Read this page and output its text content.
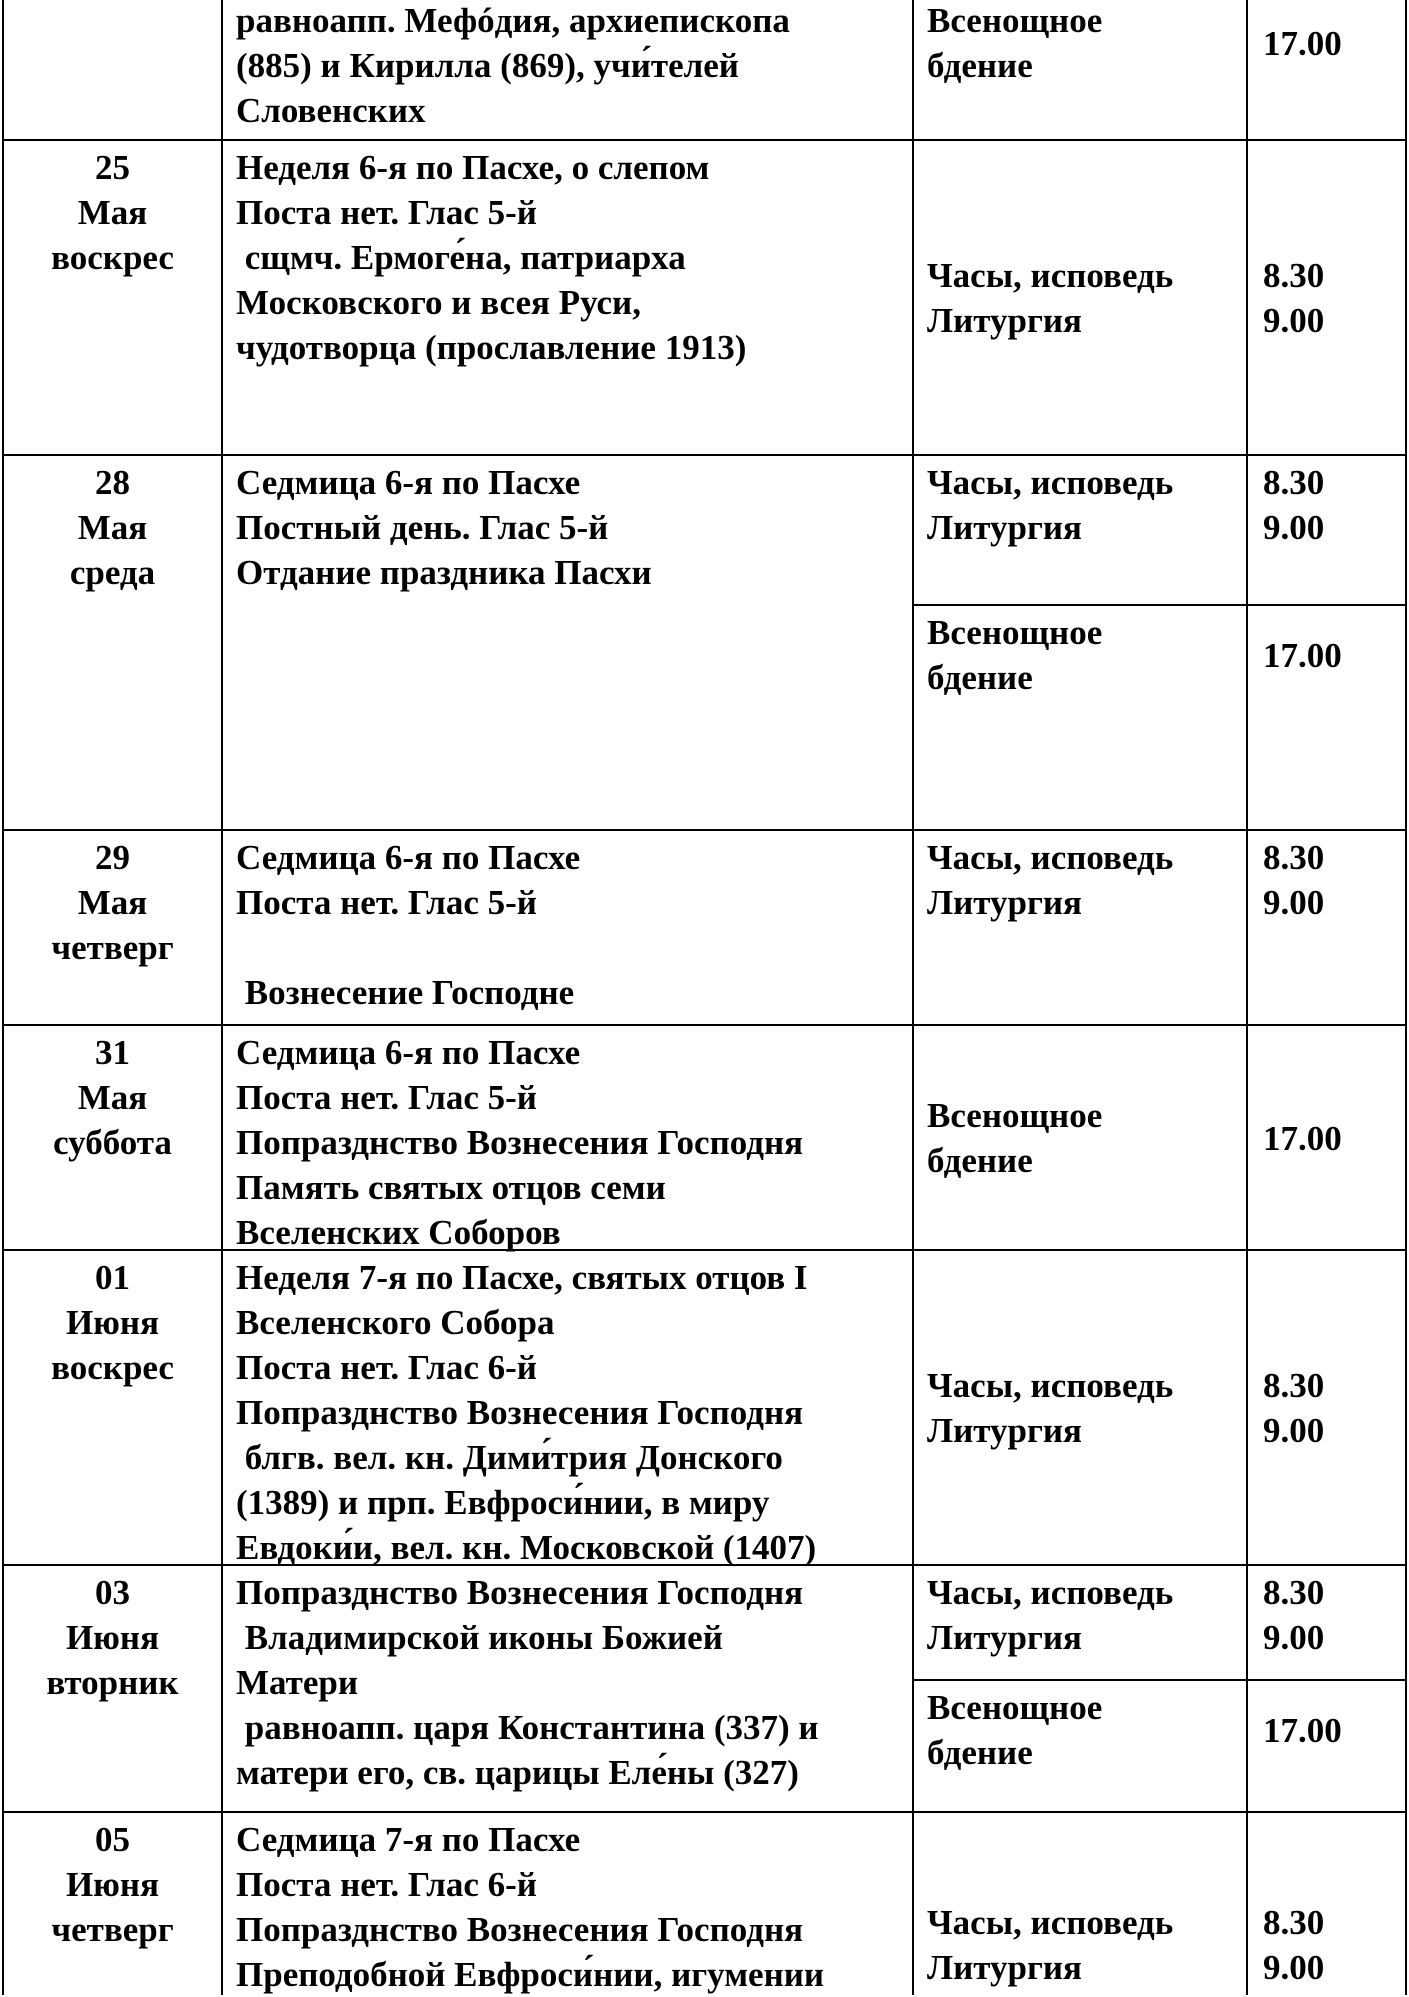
равноапп. Мефóдия, архиепископа
(885) и Кирилла (869), учи́телей
Словенских
Всенощное
бдение
17.00
25
Мая
воскрес
Неделя 6-я по Пасхе, о слепом
Поста нет. Глас 5-й
сщмч. Ермоге́на, патриарха
Московского и всея Руси,
чудотворца (прославление 1913)
Часы, исповедь
Литургия
8.30
9.00
28
Мая
среда
Седмица 6-я по Пасхе
Постный день. Глас 5-й
Отдание праздника Пасхи
Часы, исповедь
Литургия
8.30
9.00
Всенощное
бдение
17.00
29
Мая
четверг
Седмица 6-я по Пасхе
Поста нет. Глас 5-й
Вознесение Господне
Часы, исповедь
Литургия
8.30
9.00
31
Мая
суббота
Седмица 6-я по Пасхе
Поста нет. Глас 5-й
Попразднство Вознесения Господня
Память святых отцов семи
Вселенских Соборов
Всенощное
бдение
17.00
01
Июня
воскрес
Неделя 7-я по Пасхе, святых отцов I
Вселенского Собора
Поста нет. Глас 6-й
Попразднство Вознесения Господня
блгв. вел. кн. Дими́трия Донского
(1389) и прп. Евфроси́нии, в миру
Евдоки́и, вел. кн. Московской (1407)
Часы, исповедь
Литургия
8.30
9.00
03
Июня
вторник
Попразднство Вознесения Господня
Владимирской иконы Божией
Матери
равноапп. царя Константина (337) и
матери его, св. царицы Еле́ны (327)
Часы, исповедь
Литургия
8.30
9.00
Всенощное
бдение
17.00
05
Июня
четверг
Седмица 7-я по Пасхе
Поста нет. Глас 6-й
Попразднство Вознесения Господня
Преподобной Евфроси́нии, игумении
Часы, исповедь
Литургия
8.30
9.00
